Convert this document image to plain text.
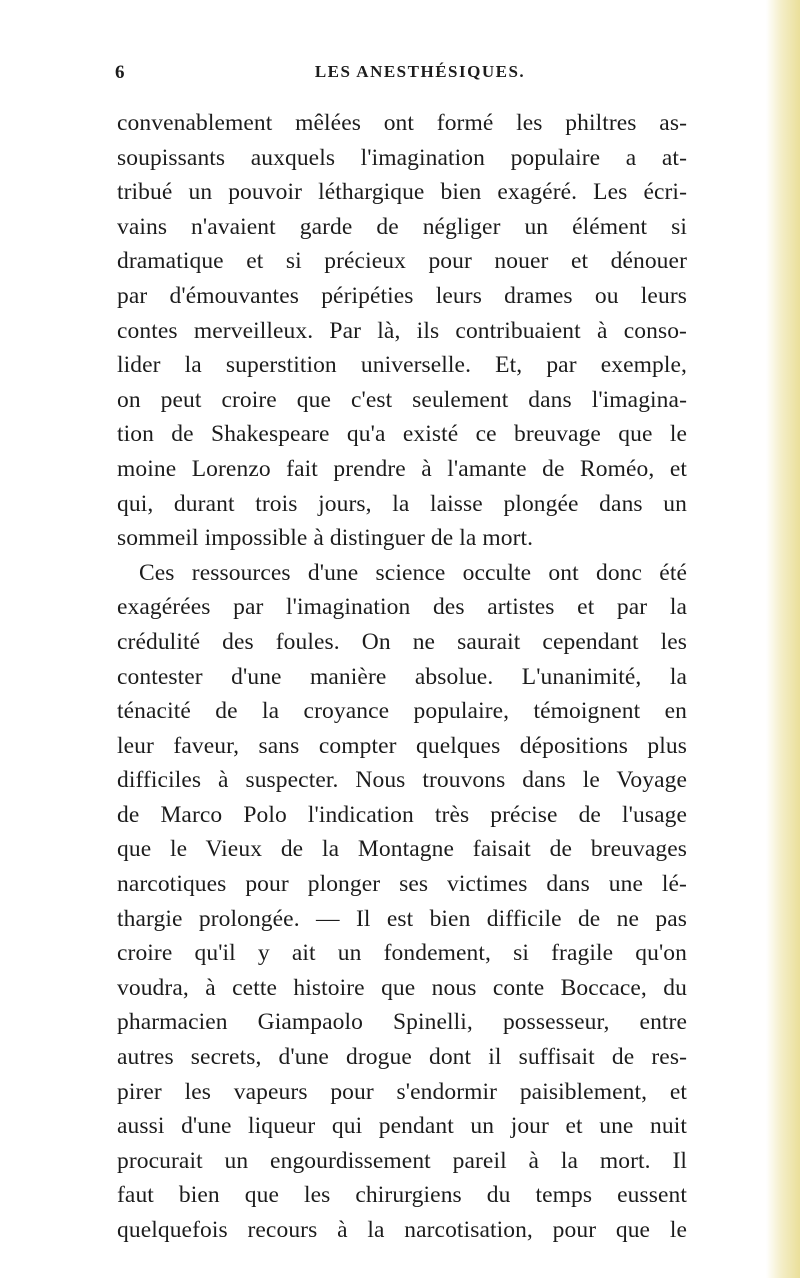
6	LES ANESTHÉSIQUES.
convenablement mêlées ont formé les philtres as-
soupissants auxquels l'imagination populaire a at-
tribué un pouvoir léthargique bien exagéré. Les écri-
vains n'avaient garde de négliger un élément si
dramatique et si précieux pour nouer et dénouer
par d'émouvantes péripéties leurs drames ou leurs
contes merveilleux. Par là, ils contribuaient à conso-
lider la superstition universelle. Et, par exemple,
on peut croire que c'est seulement dans l'imagina-
tion de Shakespeare qu'a existé ce breuvage que le
moine Lorenzo fait prendre à l'amante de Roméo, et
qui, durant trois jours, la laisse plongée dans un
sommeil impossible à distinguer de la mort.
Ces ressources d'une science occulte ont donc été
exagérées par l'imagination des artistes et par la
crédulité des foules. On ne saurait cependant les
contester d'une manière absolue. L'unanimité, la
ténacité de la croyance populaire, témoignent en
leur faveur, sans compter quelques dépositions plus
difficiles à suspecter. Nous trouvons dans le Voyage
de Marco Polo l'indication très précise de l'usage
que le Vieux de la Montagne faisait de breuvages
narcotiques pour plonger ses victimes dans une lé-
thargie prolongée. — Il est bien difficile de ne pas
croire qu'il y ait un fondement, si fragile qu'on
voudra, à cette histoire que nous conte Boccace, du
pharmacien Giampaolo Spinelli, possesseur, entre
autres secrets, d'une drogue dont il suffisait de res-
pirer les vapeurs pour s'endormir paisiblement, et
aussi d'une liqueur qui pendant un jour et une nuit
procurait un engourdissement pareil à la mort. Il
faut bien que les chirurgiens du temps eussent
quelquefois recours à la narcotisation, pour que le
